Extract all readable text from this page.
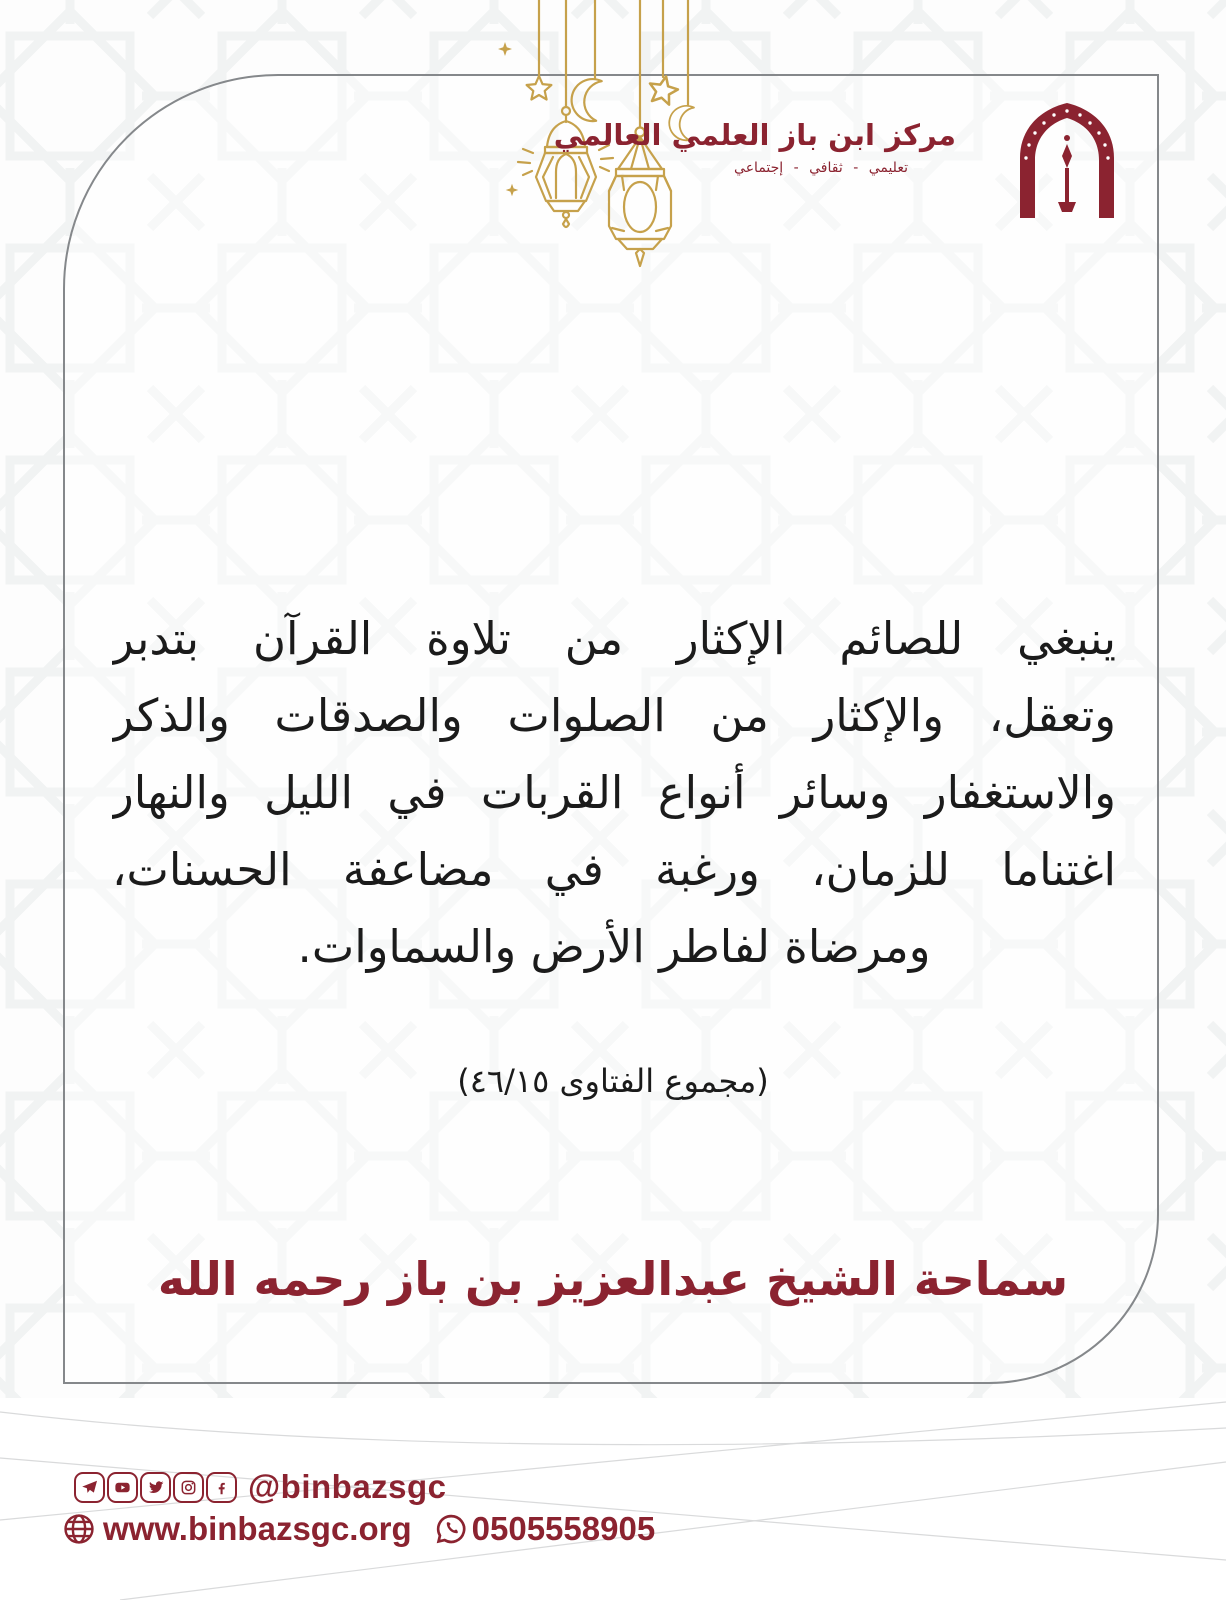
مركز ابن باز العلمي العالمي
تعليمي - ثقافي - إجتماعي
ينبغي للصائم الإكثار من تلاوة القرآن بتدبر
وتعقل، والإكثار من الصلوات والصدقات والذكر
والاستغفار وسائر أنواع القربات في الليل والنهار
اغتناما للزمان، ورغبة في مضاعفة الحسنات،
ومرضاة لفاطر الأرض والسماوات.
(مجموع الفتاوى ٤٦/١٥)
سماحة الشيخ عبدالعزيز بن باز رحمه الله
@binbazsgc
www.binbazsgc.org 0505558905
